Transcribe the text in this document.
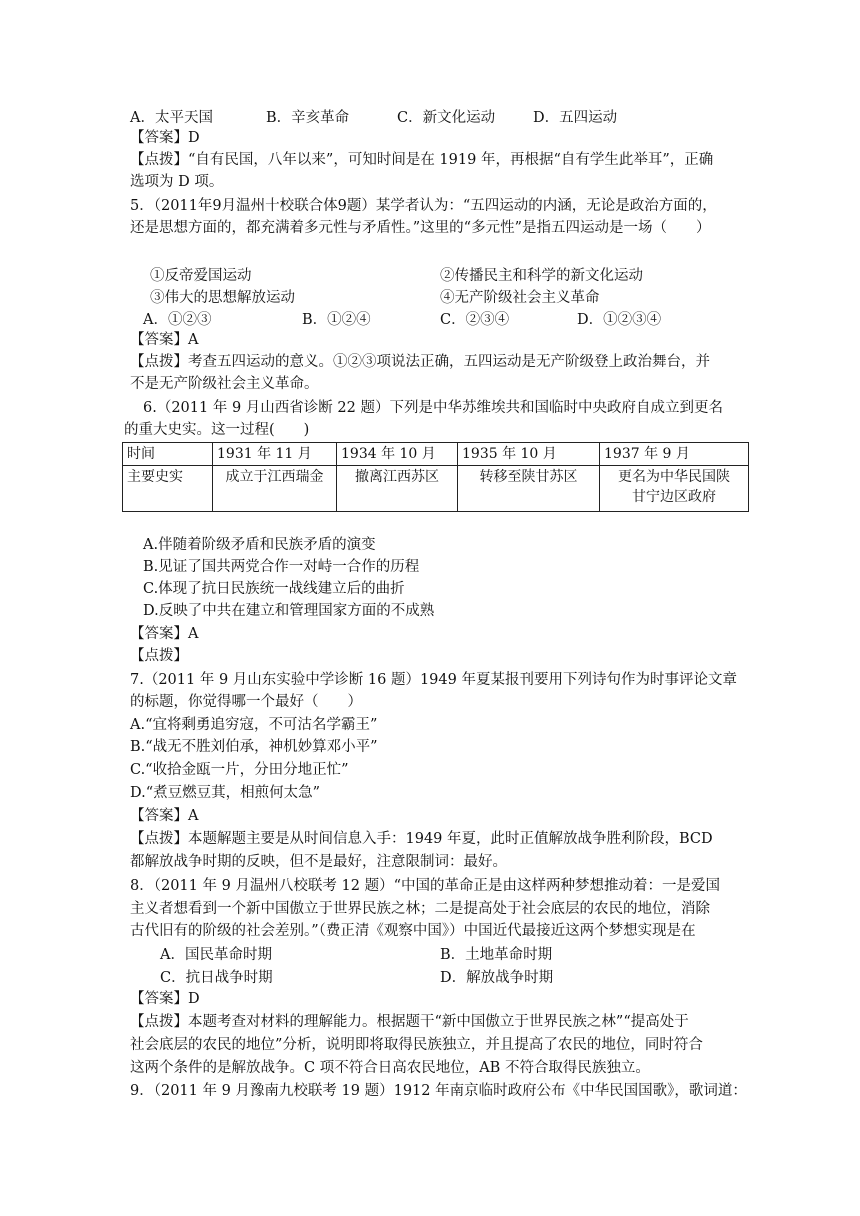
A．太平天国	B．辛亥革命	C．新文化运动	D．五四运动
【答案】D
【点拨】“自有民国，八年以来”，可知时间是在 1919 年，再根据“自有学生此举耳”，正确
选项为 D 项。
5．（2011年9月温州十校联合体9题）某学者认为：“五四运动的内涵，无论是政治方面的，
还是思想方面的，都充满着多元性与矛盾性。”这里的“多元性”是指五四运动是一场（　　）
①反帝爱国运动	②传播民主和科学的新文化运动
③伟大的思想解放运动	④无产阶级社会主义革命
A．①②③	B．①②④	C．②③④	D．①②③④
【答案】A
【点拨】考查五四运动的意义。①②③项说法正确，五四运动是无产阶级登上政治舞台，并
不是无产阶级社会主义革命。
6.（2011 年 9 月山西省诊断 22 题）下列是中华苏维埃共和国临时中央政府自成立到更名
的重大史实。这一过程(　　)
时间	1931 年 11 月	1934 年 10 月	1935 年 10 月	1937 年 9 月
主要史实	成立于江西瑞金	撤离江西苏区	转移至陕甘苏区	更名为中华民国陕
甘宁边区政府
A.伴随着阶级矛盾和民族矛盾的演变
B.见证了国共两党合作一对峙一合作的历程
C.体现了抗日民族统一战线建立后的曲折
D.反映了中共在建立和管理国家方面的不成熟
【答案】A
【点拨】
7.（2011 年 9 月山东实验中学诊断 16 题）1949 年夏某报刊要用下列诗句作为时事评论文章
的标题，你觉得哪一个最好（　　）
A.“宜将剩勇追穷寇，不可沽名学霸王”
B.“战无不胜刘伯承，神机妙算邓小平”
C.“收拾金瓯一片，分田分地正忙”
D.“煮豆燃豆萁，相煎何太急”
【答案】A
【点拨】本题解题主要是从时间信息入手：1949 年夏，此时正值解放战争胜利阶段，BCD
都解放战争时期的反映，但不是最好，注意限制词：最好。
8．（2011 年 9 月温州八校联考 12 题）“中国的革命正是由这样两种梦想推动着：一是爱国
主义者想看到一个新中国傲立于世界民族之林；二是提高处于社会底层的农民的地位，消除
古代旧有的阶级的社会差别。”（费正清《观察中国》）中国近代最接近这两个梦想实现是在
A．国民革命时期	B．土地革命时期
C．抗日战争时期	D．解放战争时期
【答案】D
【点拨】本题考查对材料的理解能力。根据题干“新中国傲立于世界民族之林”“提高处于
社会底层的农民的地位”分析，说明即将取得民族独立，并且提高了农民的地位，同时符合
这两个条件的是解放战争。C 项不符合日高农民地位，AB 不符合取得民族独立。
9．（2011 年 9 月豫南九校联考 19 题）1912 年南京临时政府公布《中华民国国歌》，歌词道：
